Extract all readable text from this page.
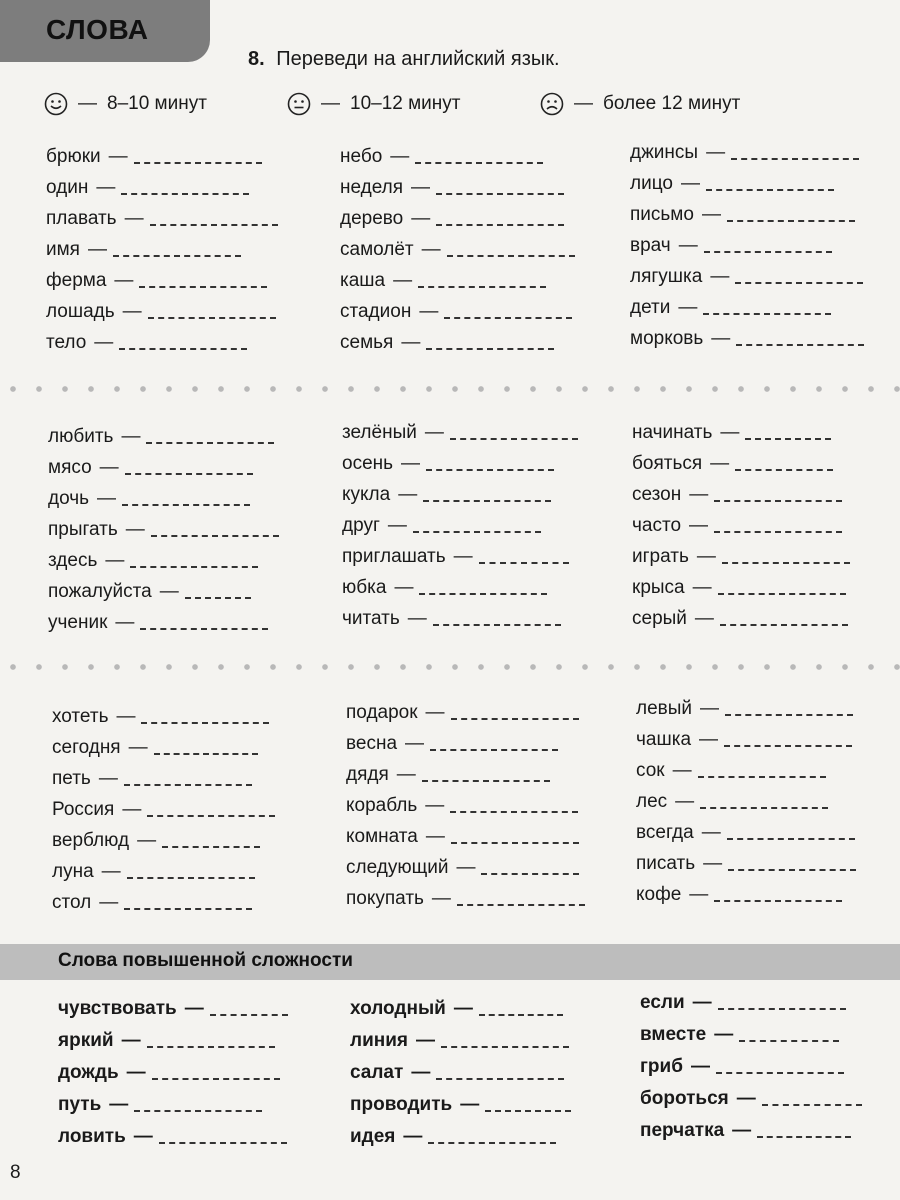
СЛОВА
8. Переведи на английский язык.
— 8–10 минут	— 10–12 минут	— более 12 минут
брюки —
один —
плавать —
имя —
ферма —
лошадь —
тело —
небо —
неделя —
дерево —
самолёт —
каша —
стадион —
семья —
джинсы —
лицо —
письмо —
врач —
лягушка —
дети —
морковь —
любить —
мясо —
дочь —
прыгать —
здесь —
пожалуйста —
ученик —
зелёный —
осень —
кукла —
друг —
приглашать —
юбка —
читать —
начинать —
бояться —
сезон —
часто —
играть —
крыса —
серый —
хотеть —
сегодня —
петь —
Россия —
верблюд —
луна —
стол —
подарок —
весна —
дядя —
корабль —
комната —
следующий —
покупать —
левый —
чашка —
сок —
лес —
всегда —
писать —
кофе —
Слова повышенной сложности
чувствовать —
яркий —
дождь —
путь —
ловить —
холодный —
линия —
салат —
проводить —
идея —
если —
вместе —
гриб —
бороться —
перчатка —
8
